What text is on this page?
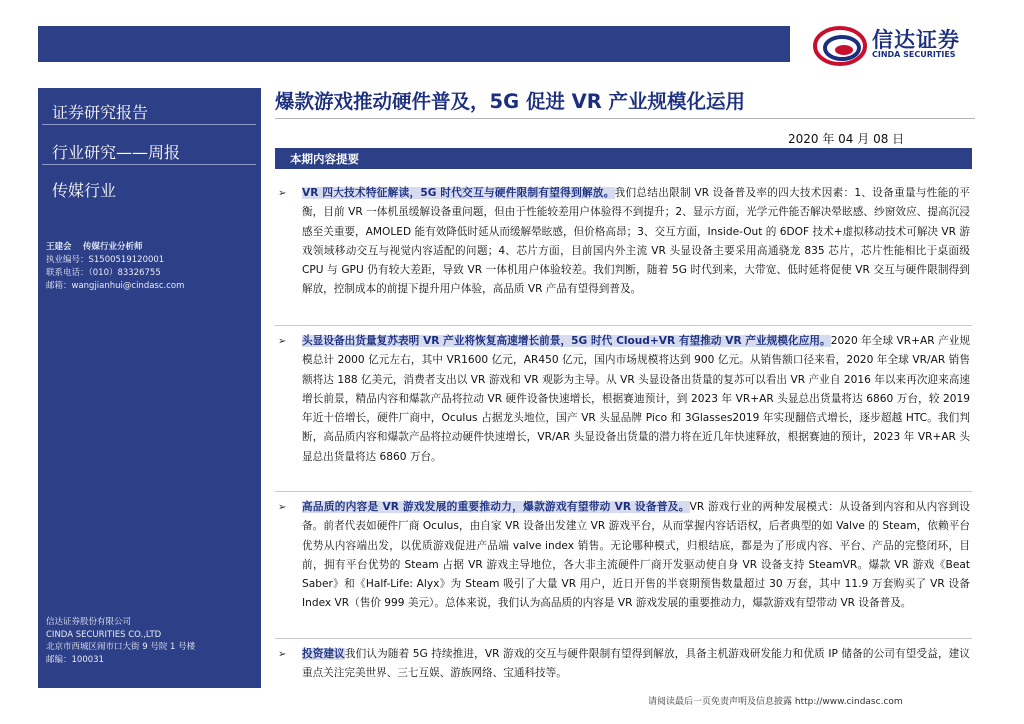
信达证券
CINDA SECURITIES
证券研究报告
行业研究——周报
传媒行业
王建会　 传媒行业分析师
执业编号：S1500519120001
联系电话：（010）83326755
邮箱：wangjianhui@cindasc.com
信达证券股份有限公司
CINDA SECURITIES CO.,LTD
北京市西城区闹市口大街 9 号院 1 号楼
邮编：100031
爆款游戏推动硬件普及，5G 促进 VR 产业规模化运用
2020 年 04 月 08 日
本期内容提要
➢	VR 四大技术特征解读，5G 时代交互与硬件限制有望得到解放。我们总结出限制 VR 设备普及率的四大技术因素：1、设备重量与性能的平衡，目前 VR 一体机虽缓解设备重问题，但由于性能较差用户体验得不到提升；2、显示方面，光学元件能否解决晕眩感、纱窗效应、提高沉浸感至关重要，AMOLED 能有效降低时延从而缓解晕眩感，但价格高昂；3、交互方面，Inside-Out 的 6DOF 技术+虚拟移动技术可解决 VR 游戏领域移动交互与视觉内容适配的问题；4、芯片方面，目前国内外主流 VR 头显设备主要采用高通骁龙 835 芯片，芯片性能相比于桌面级 CPU 与 GPU 仍有较大差距，导致 VR 一体机用户体验较差。我们判断，随着 5G 时代到来，大带宽、低时延将促使 VR 交互与硬件限制得到解放，控制成本的前提下提升用户体验，高品质 VR 产品有望得到普及。
➢	头显设备出货量复苏表明 VR 产业将恢复高速增长前景，5G 时代 Cloud+VR 有望推动 VR 产业规模化应用。2020 年全球 VR+AR 产业规模总计 2000 亿元左右，其中 VR1600 亿元，AR450 亿元，国内市场规模将达到 900 亿元。从销售额口径来看，2020 年全球 VR/AR 销售额将达 188 亿美元，消费者支出以 VR 游戏和 VR 观影为主导。从 VR 头显设备出货量的复苏可以看出 VR 产业自 2016 年以来再次迎来高速增长前景，精品内容和爆款产品将拉动 VR 硬件设备快速增长，根据赛迪预计，到 2023 年 VR+AR 头显总出货量将达 6860 万台，较 2019 年近十倍增长，硬件厂商中，Oculus 占据龙头地位，国产 VR 头显品牌 Pico 和 3Glasses2019 年实现翻倍式增长，逐步超越 HTC。我们判断，高品质内容和爆款产品将拉动硬件快速增长，VR/AR 头显设备出货量的潜力将在近几年快速释放，根据赛迪的预计，2023 年 VR+AR 头显总出货量将达 6860 万台。
➢	高品质的内容是 VR 游戏发展的重要推动力，爆款游戏有望带动 VR 设备普及。VR 游戏行业的两种发展模式：从设备到内容和从内容到设备。前者代表如硬件厂商 Oculus，由自家 VR 设备出发建立 VR 游戏平台，从而掌握内容话语权，后者典型的如 Valve 的 Steam，依赖平台优势从内容端出发，以优质游戏促进产品端 valve index 销售。无论哪种模式，归根结底，都是为了形成内容、平台、产品的完整闭环，目前，拥有平台优势的 Steam 占据 VR 游戏主导地位，各大非主流硬件厂商开发驱动使自身 VR 设备支持 SteamVR。爆款 VR 游戏《Beat Saber》和《Half-Life: Alyx》为 Steam 吸引了大量 VR 用户，近日开售的半衰期预售数量超过 30 万套，其中 11.9 万套购买了 VR 设备 Index VR（售价 999 美元）。总体来说，我们认为高品质的内容是 VR 游戏发展的重要推动力，爆款游戏有望带动 VR 设备普及。
➢	投资建议我们认为随着 5G 持续推进，VR 游戏的交互与硬件限制有望得到解放，具备主机游戏研发能力和优质 IP 储备的公司有望受益，建议重点关注完美世界、三七互娱、游族网络、宝通科技等。
请阅读最后一页免责声明及信息披露 http://www.cindasc.com
